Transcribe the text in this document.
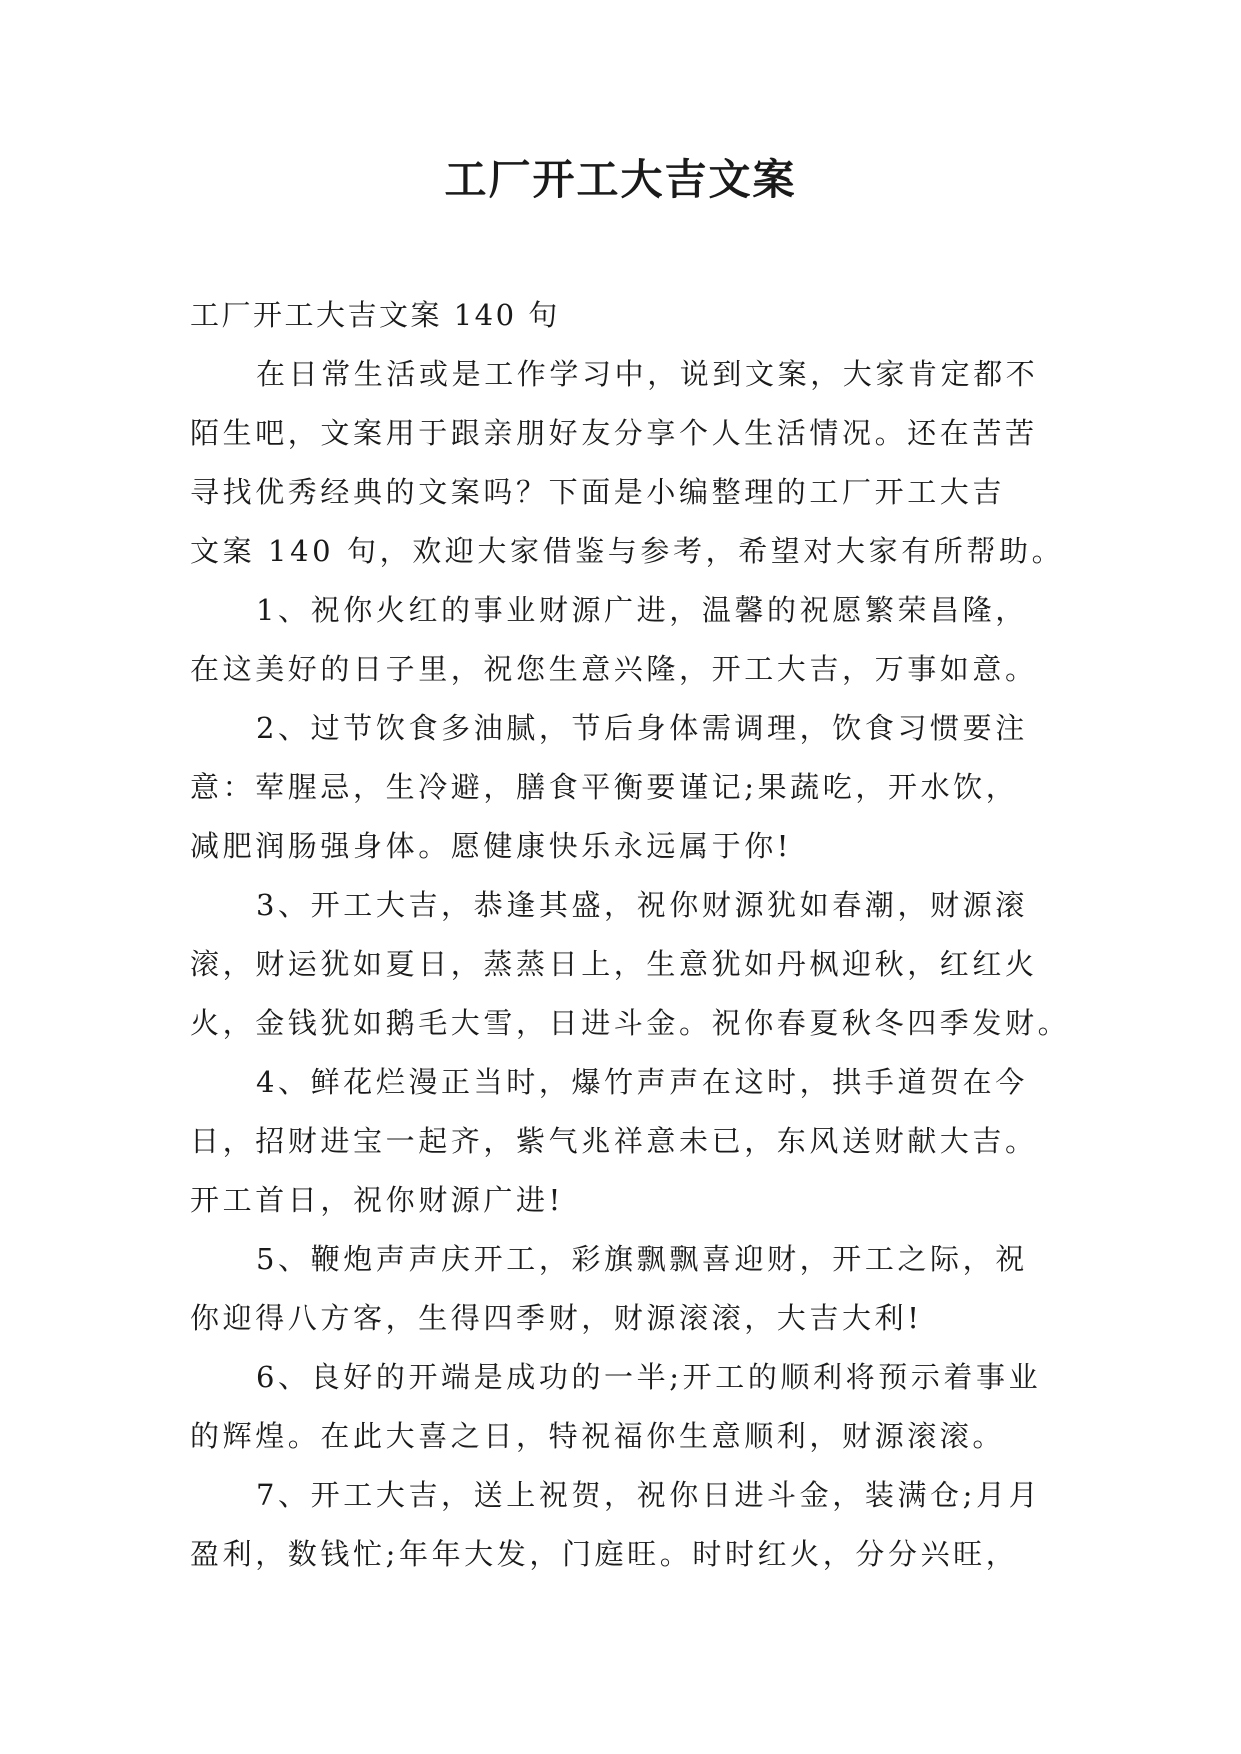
工厂开工大吉文案
工厂开工大吉文案 140 句
在日常生活或是工作学习中，说到文案，大家肯定都不
陌生吧，文案用于跟亲朋好友分享个人生活情况。还在苦苦
寻找优秀经典的文案吗？下面是小编整理的工厂开工大吉
文案 140 句，欢迎大家借鉴与参考，希望对大家有所帮助。
1、祝你火红的事业财源广进，温馨的祝愿繁荣昌隆，
在这美好的日子里，祝您生意兴隆，开工大吉，万事如意。
2、过节饮食多油腻，节后身体需调理，饮食习惯要注
意：荤腥忌，生冷避，膳食平衡要谨记;果蔬吃，开水饮，
减肥润肠强身体。愿健康快乐永远属于你!
3、开工大吉，恭逢其盛，祝你财源犹如春潮，财源滚
滚，财运犹如夏日，蒸蒸日上，生意犹如丹枫迎秋，红红火
火，金钱犹如鹅毛大雪，日进斗金。祝你春夏秋冬四季发财。
4、鲜花烂漫正当时，爆竹声声在这时，拱手道贺在今
日，招财进宝一起齐，紫气兆祥意未已，东风送财献大吉。
开工首日，祝你财源广进!
5、鞭炮声声庆开工，彩旗飘飘喜迎财，开工之际，祝
你迎得八方客，生得四季财，财源滚滚，大吉大利!
6、良好的开端是成功的一半;开工的顺利将预示着事业
的辉煌。在此大喜之日，特祝福你生意顺利，财源滚滚。
7、开工大吉，送上祝贺，祝你日进斗金，装满仓;月月
盈利，数钱忙;年年大发，门庭旺。时时红火，分分兴旺，
